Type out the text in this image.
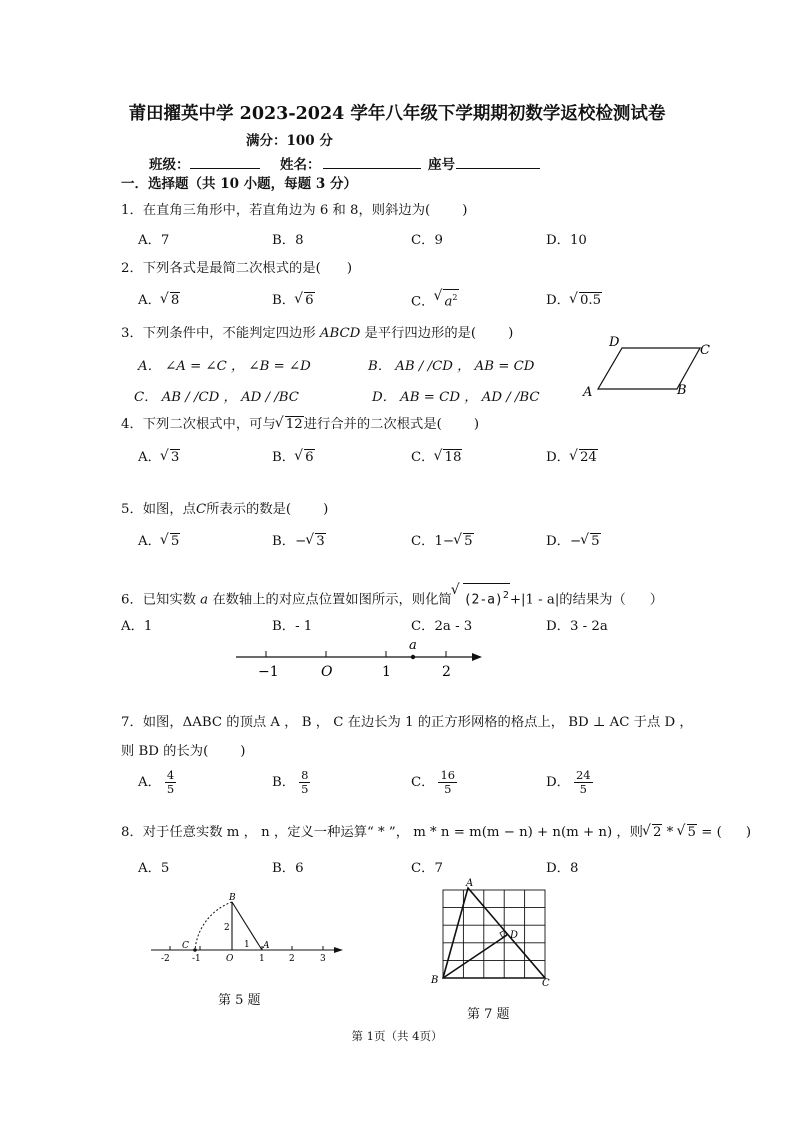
莆田擢英中学 2023-2024 学年八年级下学期期初数学返校检测试卷
满分：100 分
班级：	姓名：	座号
一．选择题（共 10 小题，每题 3 分）
1．在直角三角形中，若直角边为 6 和 8，则斜边为( )
A．7	B．8	C．9	D．10
2．下列各式是最简二次根式的是( )
A． √ 8	B． √ 6	C． √ $a^2$	D． √ 0.5
3．下列条件中，不能判定四边形 ABCD 是平行四边形的是( )
A． ∠A = ∠C ， ∠B = ∠D	B． AB / /CD ， AB = CD
C． AB / /CD ， AD / /BC	D． AB = CD ， AD / /BC
D
C
A	B
4．下列二次根式中，可与 √ 12进行合并的二次根式是( )
A． √ 3	B． √ 6	C． √ 18	D． √ 24
5．如图，点C所表示的数是( )
A． √ 5	B．− √ 3	C．1− √ 5	D．− √ 5
6．已知实数 a 在数轴上的对应点位置如图所示，则化简 √ $(2-a)^2+|1 - a|$的结果为（ ）
A．1	B．- 1	C．2a - 3	D．3 - 2a
−1	O	1	2
a
7．如图，ΔABC 的顶点 A ， B ， C 在边长为 1 的正方形网格的格点上， BD ⊥ AC 于点 D ，
则 BD 的长为( )
A． $\frac{4}{5}$	B． $\frac{8}{5}$	C． $\frac{16}{5}$	D． $\frac{24}{5}$
8．对于任意实数 m ， n ，定义一种运算“ * ”， m * n = m(m − n) + n(m + n) ，则 √ 2 * √ 5 = ( )
A．5	B．6	C．7	D．8
B
C	A
2
1
-2 -1	O	1	2	3
第 5 题
A
B	C
D
第 7 题
第 1页（共 4页）
